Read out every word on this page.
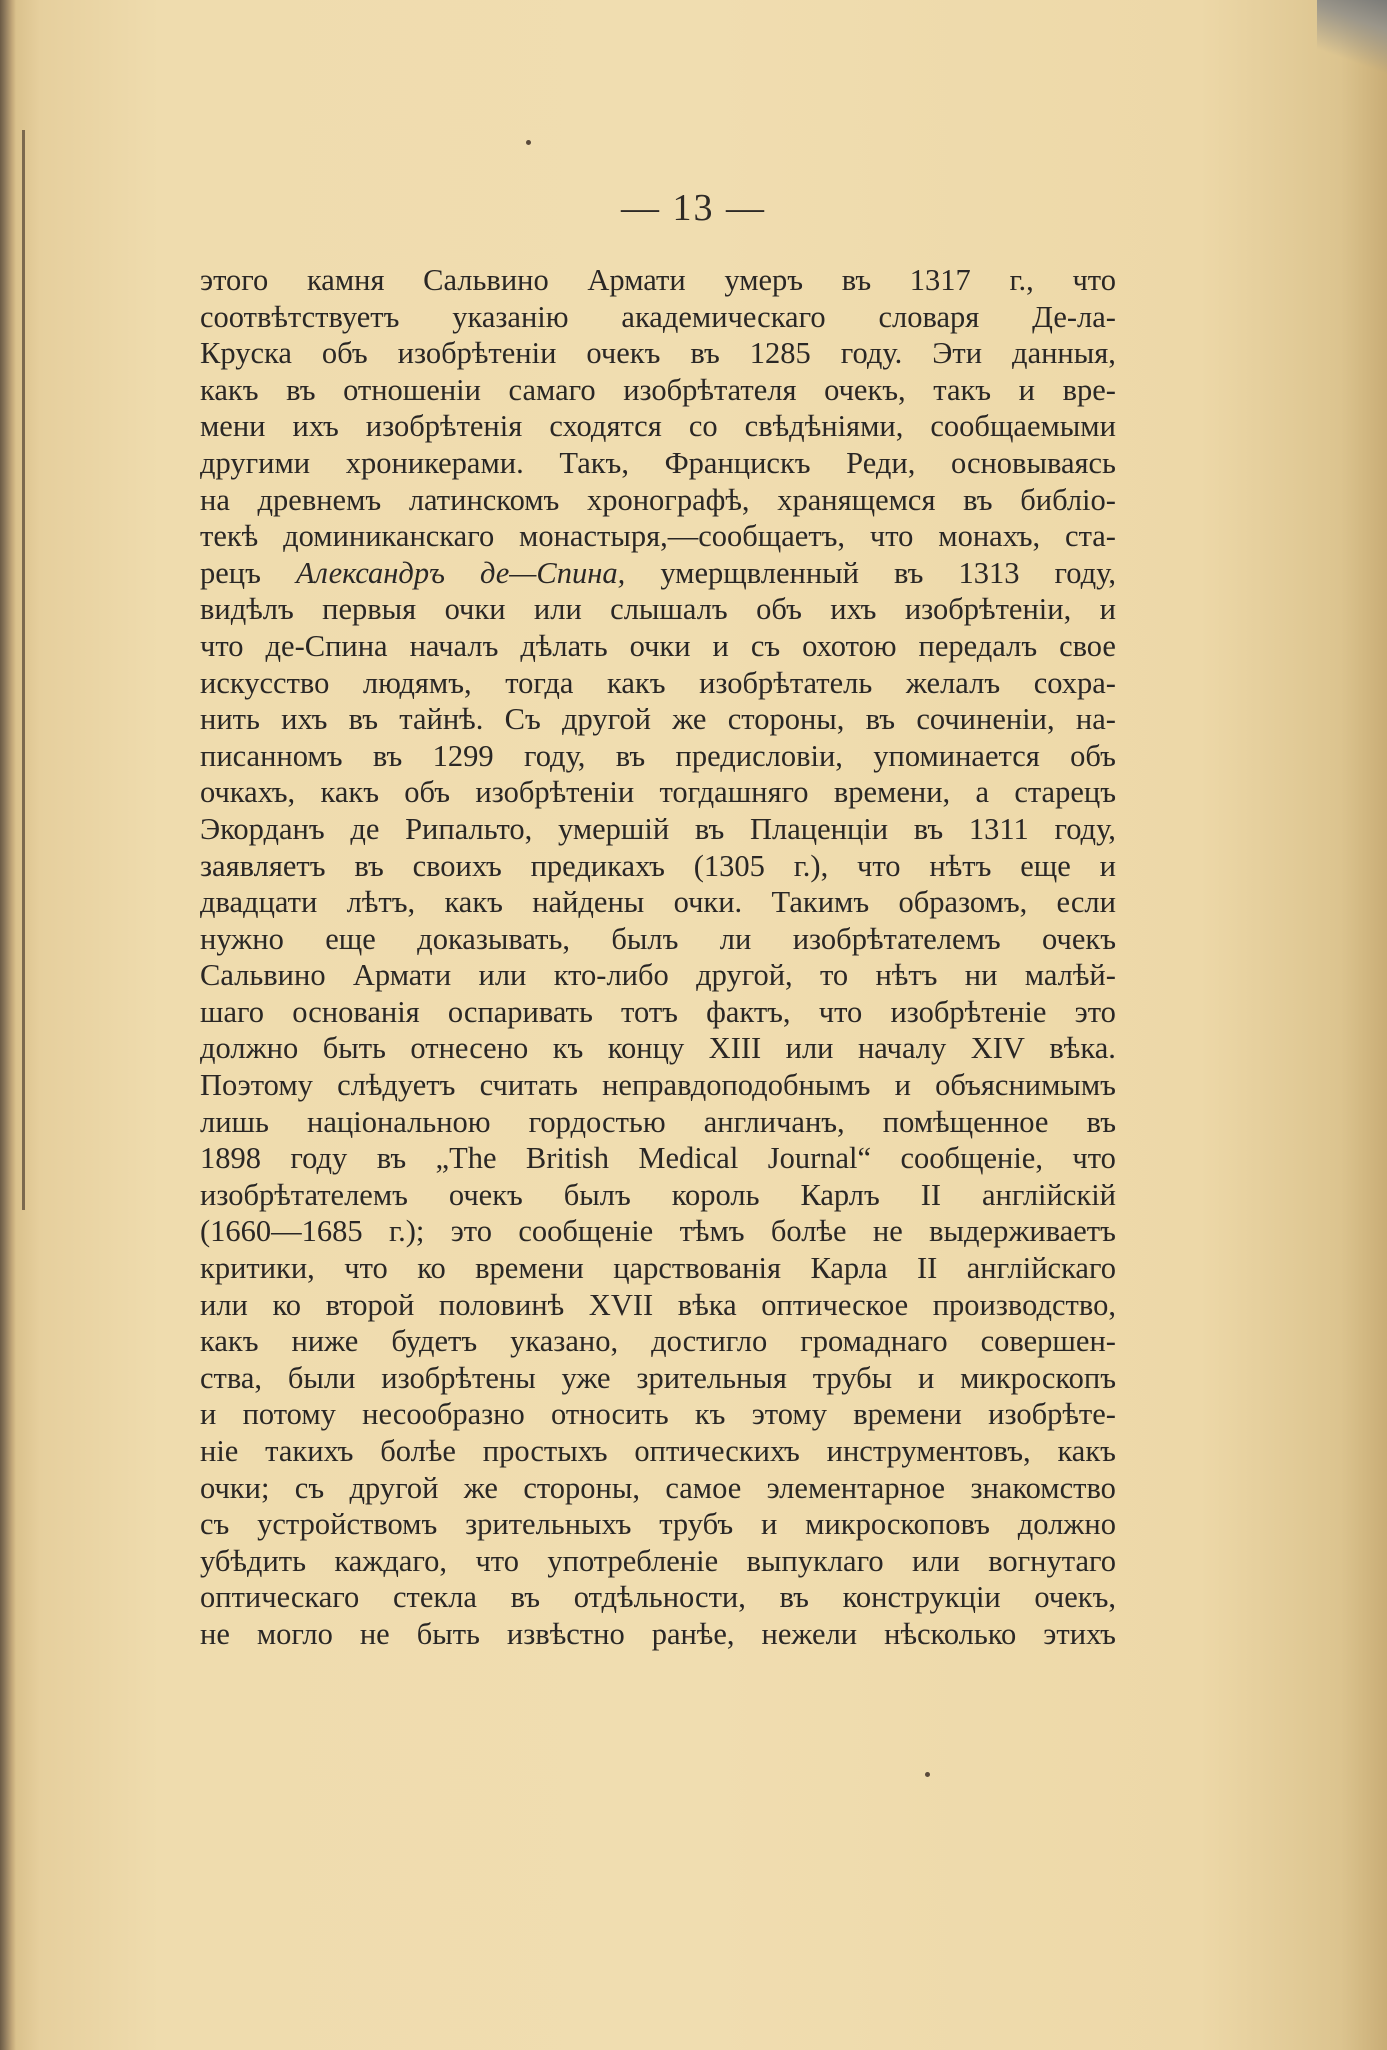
— 13 —
этого камня Сальвино Армати умеръ въ 1317 г., что
соотвѣтствуетъ указанію академическаго словаря Де-ла-
Круска объ изобрѣтеніи очекъ въ 1285 году. Эти данныя,
какъ въ отношеніи самаго изобрѣтателя очекъ, такъ и вре-
мени ихъ изобрѣтенія сходятся со свѣдѣніями, сообщаемыми
другими хроникерами. Такъ, Францискъ Реди, основываясь
на древнемъ латинскомъ хронографѣ, хранящемся въ библіо-
текѣ доминиканскаго монастыря,—сообщаетъ, что монахъ, ста-
рецъ Александръ де—Спина, умерщвленный въ 1313 году,
видѣлъ первыя очки или слышалъ объ ихъ изобрѣтеніи, и
что де-Спина началъ дѣлать очки и съ охотою передалъ свое
искусство людямъ, тогда какъ изобрѣтатель желалъ сохра-
нить ихъ въ тайнѣ. Съ другой же стороны, въ сочиненіи, на-
писанномъ въ 1299 году, въ предисловіи, упоминается объ
очкахъ, какъ объ изобрѣтеніи тогдашняго времени, а старецъ
Экорданъ де Рипальто, умершій въ Плаценціи въ 1311 году,
заявляетъ въ своихъ предикахъ (1305 г.), что нѣтъ еще и
двадцати лѣтъ, какъ найдены очки. Такимъ образомъ, если
нужно еще доказывать, былъ ли изобрѣтателемъ очекъ
Сальвино Армати или кто-либо другой, то нѣтъ ни малѣй-
шаго основанія оспаривать тотъ фактъ, что изобрѣтеніе это
должно быть отнесено къ концу XIII или началу XIV вѣка.
Поэтому слѣдуетъ считать неправдоподобнымъ и объяснимымъ
лишь національною гордостью англичанъ, помѣщенное въ
1898 году въ „The British Medical Journal“ сообщеніе, что
изобрѣтателемъ очекъ былъ король Карлъ II англійскій
(1660—1685 г.); это сообщеніе тѣмъ болѣе не выдерживаетъ
критики, что ко времени царствованія Карла II англійскаго
или ко второй половинѣ XVII вѣка оптическое производство,
какъ ниже будетъ указано, достигло громаднаго совершен-
ства, были изобрѣтены уже зрительныя трубы и микроскопъ
и потому несообразно относить къ этому времени изобрѣте-
ніе такихъ болѣе простыхъ оптическихъ инструментовъ, какъ
очки; съ другой же стороны, самое элементарное знакомство
съ устройствомъ зрительныхъ трубъ и микроскоповъ должно
убѣдить каждаго, что употребленіе выпуклаго или вогнутаго
оптическаго стекла въ отдѣльности, въ конструкціи очекъ,
не могло не быть извѣстно ранѣе, нежели нѣсколько этихъ
